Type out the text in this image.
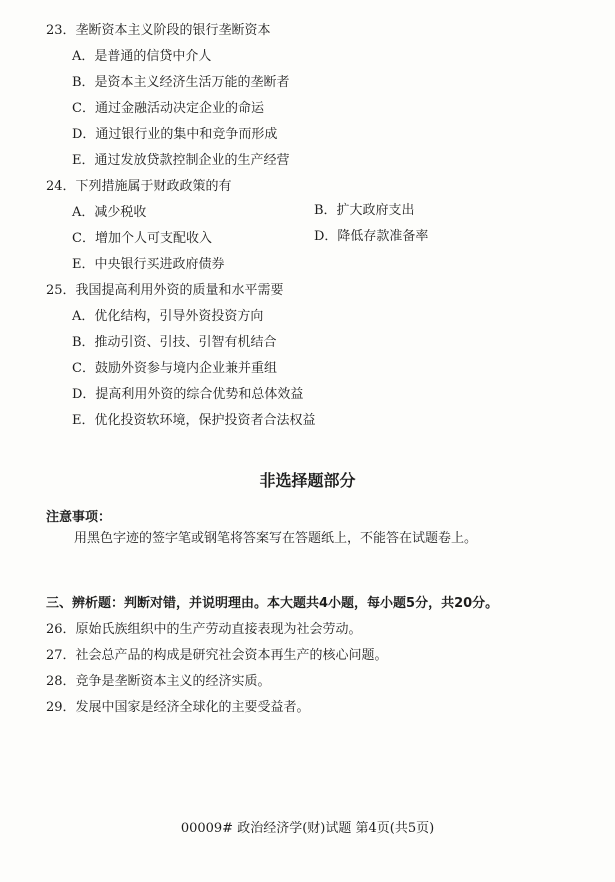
23．垄断资本主义阶段的银行垄断资本
A．是普通的信贷中介人
B．是资本主义经济生活万能的垄断者
C．通过金融活动决定企业的命运
D．通过银行业的集中和竞争而形成
E．通过发放贷款控制企业的生产经营
24．下列措施属于财政政策的有
A．减少税收	B．扩大政府支出
C．增加个人可支配收入	D．降低存款准备率
E．中央银行买进政府债券
25．我国提高利用外资的质量和水平需要
A．优化结构，引导外资投资方向
B．推动引资、引技、引智有机结合
C．鼓励外资参与境内企业兼并重组
D．提高利用外资的综合优势和总体效益
E．优化投资软环境，保护投资者合法权益
非选择题部分
注意事项：
用黑色字迹的签字笔或钢笔将答案写在答题纸上，不能答在试题卷上。
三、辨析题：判断对错，并说明理由。本大题共4小题，每小题5分，共20分。
26．原始氏族组织中的生产劳动直接表现为社会劳动。
27．社会总产品的构成是研究社会资本再生产的核心问题。
28．竞争是垄断资本主义的经济实质。
29．发展中国家是经济全球化的主要受益者。
00009# 政治经济学(财)试题 第4页(共5页)
